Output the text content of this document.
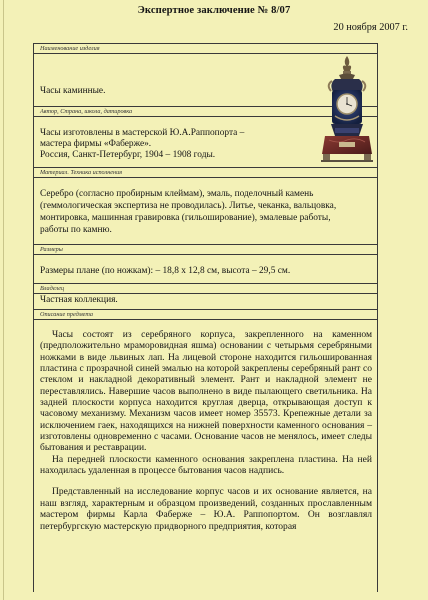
Экспертное заключение № 8/07
20 ноября 2007 г.
Наименование изделия
Часы каминные.
Автор, Страна, школа, датировка
Часы изготовлены в мастерской Ю.А.Раппопорта –
мастера фирмы «Фаберже».
Россия, Санкт-Петербург, 1904 – 1908 годы.
Материал. Техника исполнения
Серебро (согласно пробирным клеймам), эмаль, поделочный камень
(геммологическая экспертиза не проводилась). Литье, чеканка, вальцовка,
монтировка, машинная гравировка (гильоширование), эмалевые работы,
работы по камню.
Размеры
Размеры плане (по ножкам): – 18,8 х 12,8 см, высота – 29,5 см.
Владелец
Частная коллекция.
Описание предмета

Часы состоят из серебряного корпуса, закрепленного на каменном (предположительно мраморовидная яшма) основании с четырьмя серебряными ножками в виде львиных лап. На лицевой стороне находится гильошированная пластина с прозрачной синей эмалью на которой закреплены серебряный рант со стеклом и накладной декоративный элемент. Рант и накладной элемент не переставлялись. Навершие часов выполнено в виде пылающего светильника. На задней плоскости корпуса находится круглая дверца, открывающая доступ к часовому механизму. Механизм часов имеет номер 35573. Крепежные детали за исключением гаек, находящихся на нижней поверхности каменного основания – изготовлены одновременно с часами. Основание часов не менялось, имеет следы бытования и реставрации.

На передней плоскости каменного основания закреплена пластина. На ней находилась удаленная в процессе бытования часов надпись.

Представленный на исследование корпус часов и их основание является, на наш взгляд, характерным и образцом произведений, созданных прославленным мастером фирмы Карла Фаберже – Ю.А. Раппопортом. Он возглавлял петербургскую мастерскую придворного предприятия, которая
